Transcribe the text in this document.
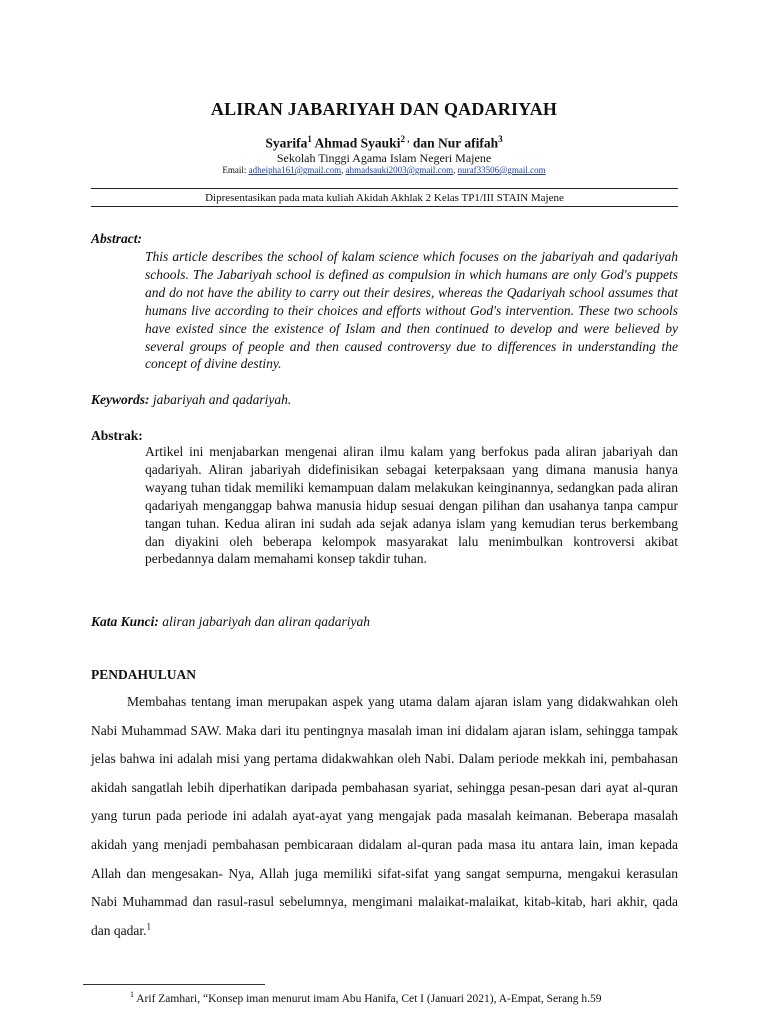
ALIRAN JABARIYAH DAN QADARIYAH
Syarifa$^1$ Ahmad Syauki$^{2 ,}$ dan Nur afifah$^3$
Sekolah Tinggi Agama Islam Negeri Majene
Email: adheipha161@gmail.com, ahmadsauki2003@gmail.com, nuraf33506@gmail.com
Dipresentasikan pada mata kuliah Akidah Akhlak 2 Kelas TP1/III STAIN Majene
Abstract:
This article describes the school of kalam science which focuses on the jabariyah and qadariyah schools. The Jabariyah school is defined as compulsion in which humans are only God's puppets and do not have the ability to carry out their desires, whereas the Qadariyah school assumes that humans live according to their choices and efforts without God's intervention. These two schools have existed since the existence of Islam and then continued to develop and were believed by several groups of people and then caused controversy due to differences in understanding the concept of divine destiny.
Keywords: jabariyah and qadariyah.
Abstrak:
Artikel ini menjabarkan mengenai aliran ilmu kalam yang berfokus pada aliran jabariyah dan qadariyah. Aliran jabariyah didefinisikan sebagai keterpaksaan yang dimana manusia hanya wayang tuhan tidak memiliki kemampuan dalam melakukan keinginannya, sedangkan pada aliran qadariyah menganggap bahwa manusia hidup sesuai dengan pilihan dan usahanya tanpa campur tangan tuhan. Kedua aliran ini sudah ada sejak adanya islam yang kemudian terus berkembang dan diyakini oleh beberapa kelompok masyarakat lalu menimbulkan kontroversi akibat perbedannya dalam memahami konsep takdir tuhan.
Kata Kunci: aliran jabariyah dan aliran qadariyah
PENDAHULUAN
Membahas tentang iman merupakan aspek yang utama dalam ajaran islam yang didakwahkan oleh Nabi Muhammad SAW. Maka dari itu pentingnya masalah iman ini didalam ajaran islam, sehingga tampak jelas bahwa ini adalah misi yang pertama didakwahkan oleh Nabi. Dalam periode mekkah ini, pembahasan akidah sangatlah lebih diperhatikan daripada pembahasan syariat, sehingga pesan-pesan dari ayat al-quran yang turun pada periode ini adalah ayat-ayat yang mengajak pada masalah keimanan. Beberapa masalah akidah yang menjadi pembahasan pembicaraan didalam al-quran pada masa itu antara lain, iman kepada Allah dan mengesakan- Nya, Allah juga memiliki sifat-sifat yang sangat sempurna, mengakui kerasulan Nabi Muhammad dan rasul-rasul sebelumnya, mengimani malaikat-malaikat, kitab-kitab, hari akhir, qada dan qadar.$^1$
$^1$ Arif Zamhari, “Konsep iman menurut imam Abu Hanifa, Cet I (Januari 2021), A-Empat, Serang h.59
